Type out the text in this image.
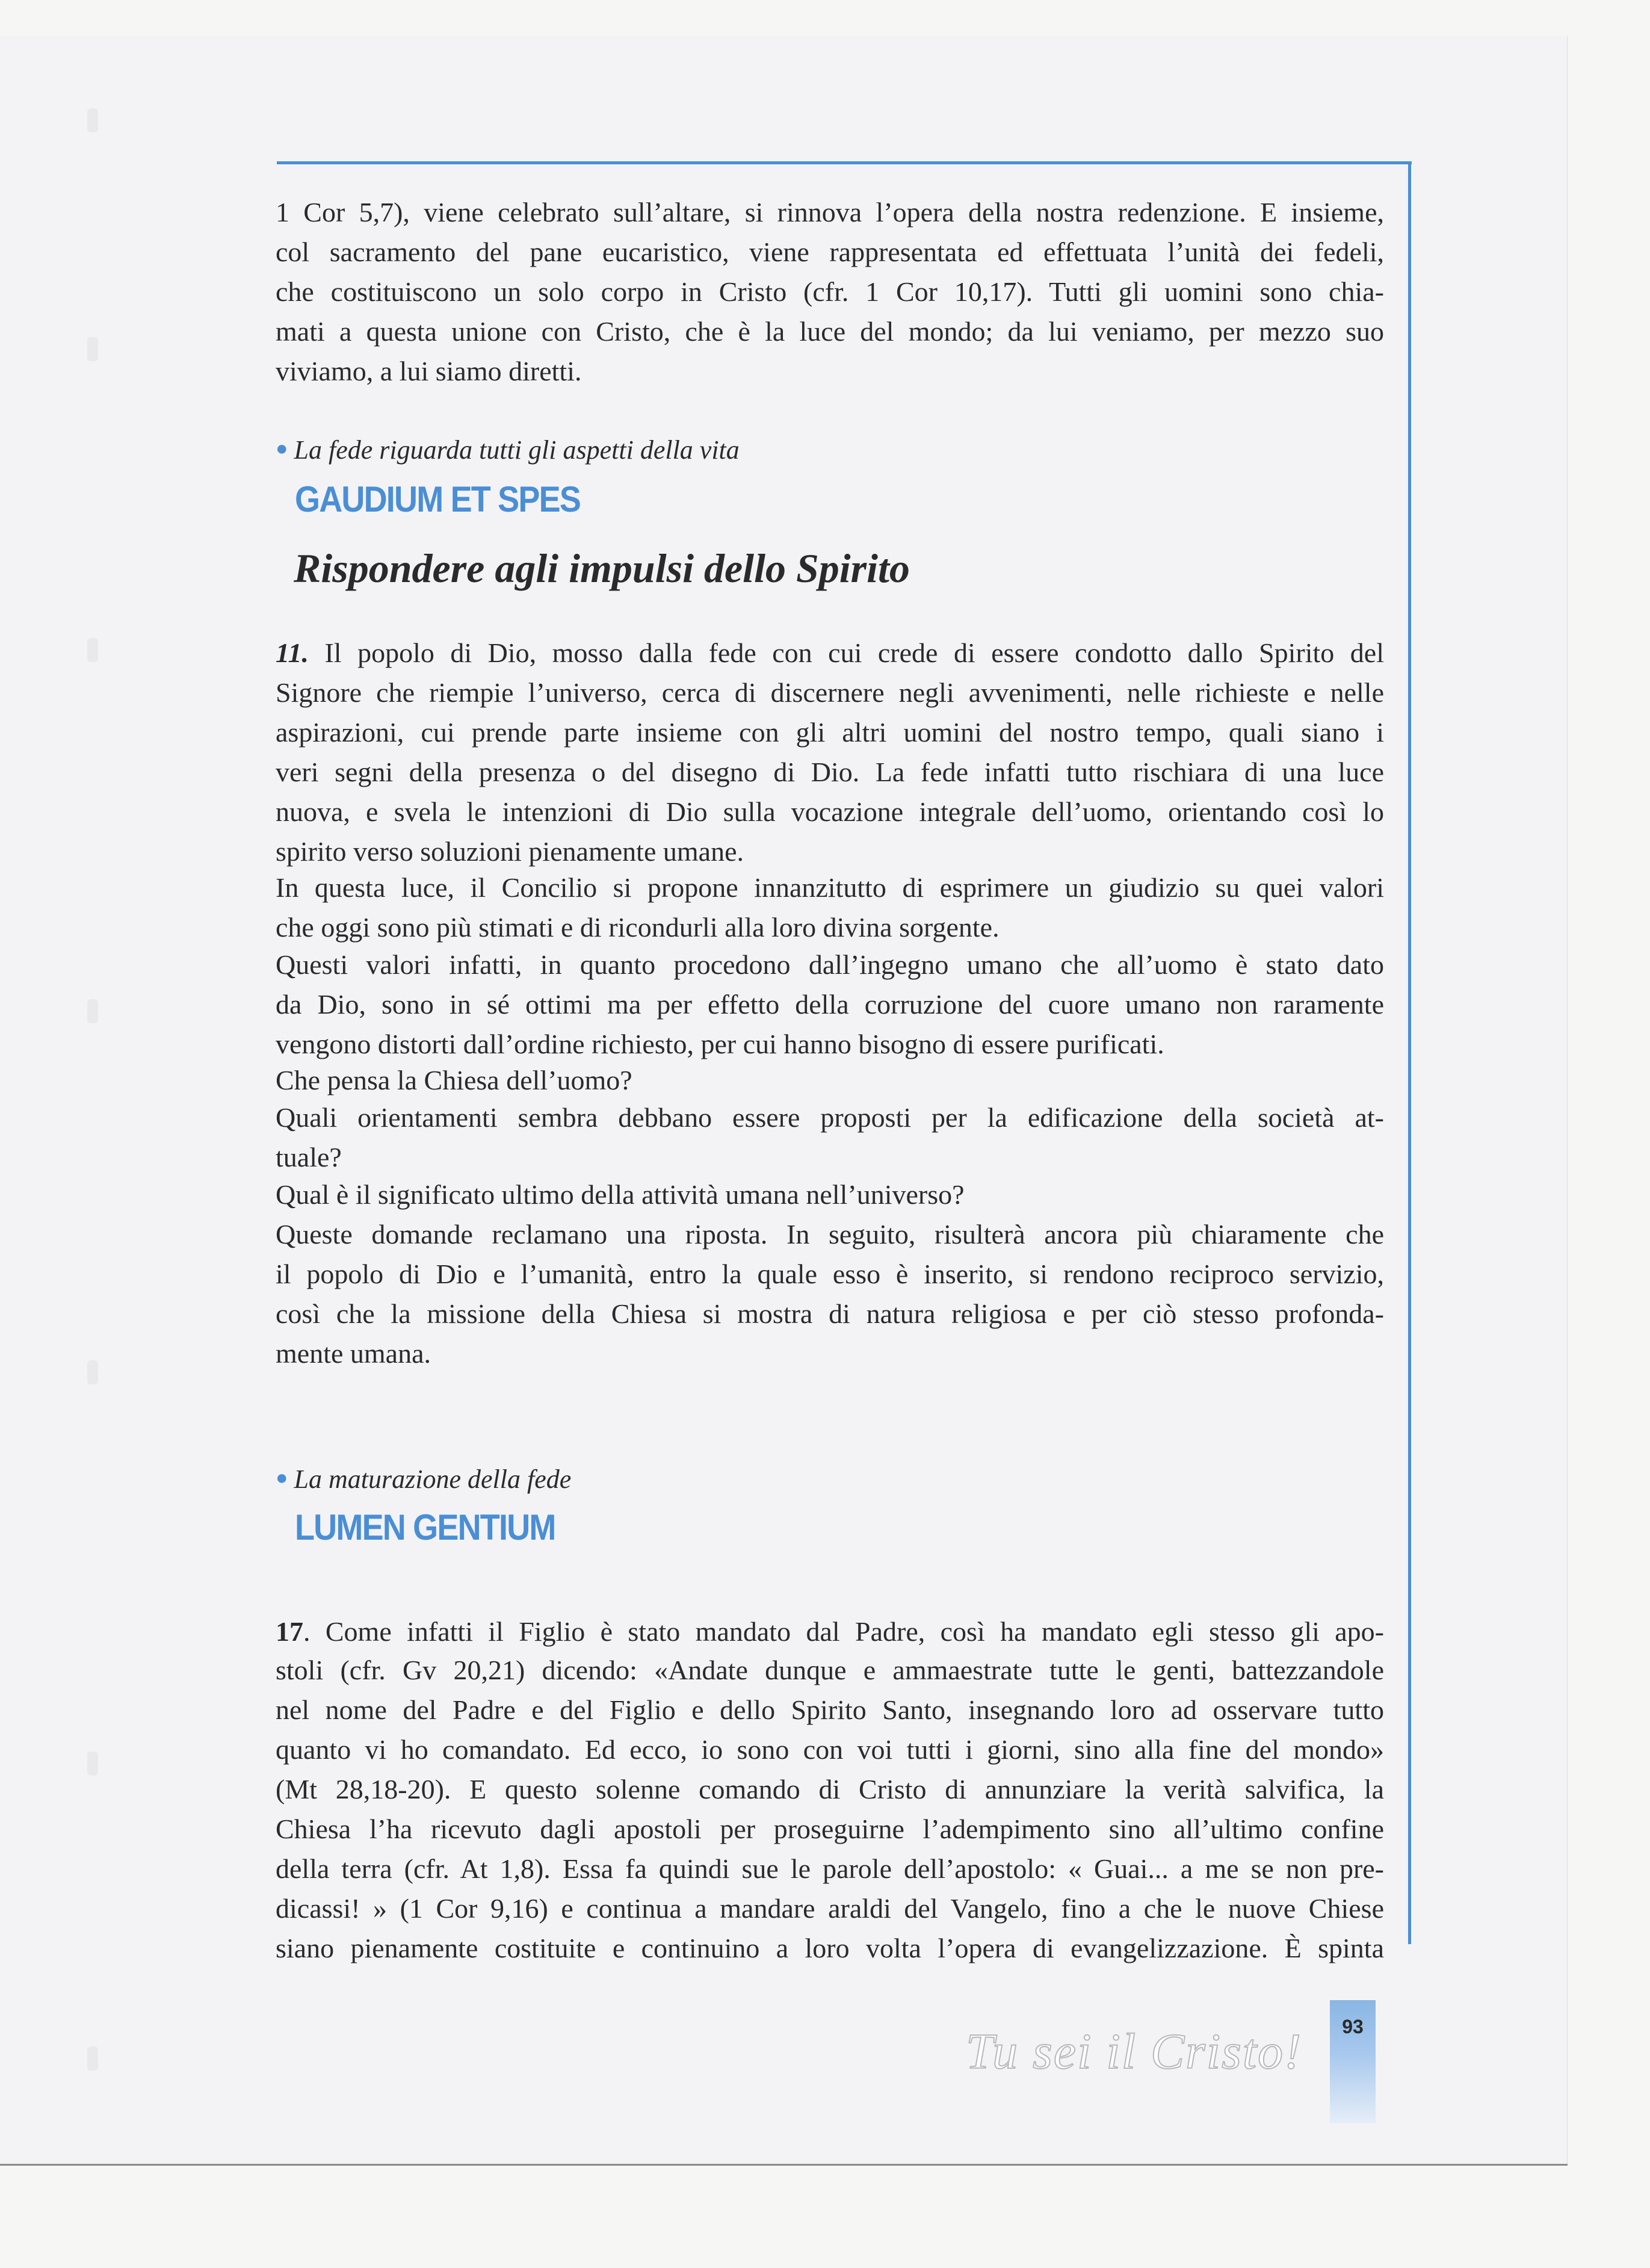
1 Cor 5,7), viene celebrato sull’altare, si rinnova l’opera della nostra redenzione. E insieme,
col sacramento del pane eucaristico, viene rappresentata ed effettuata l’unità dei fedeli,
che costituiscono un solo corpo in Cristo (cfr. 1 Cor 10,17). Tutti gli uomini sono chia-
mati a questa unione con Cristo, che è la luce del mondo; da lui veniamo, per mezzo suo
viviamo, a lui siamo diretti.
● La fede riguarda tutti gli aspetti della vita
GAUDIUM ET SPES
Rispondere agli impulsi dello Spirito
11. Il popolo di Dio, mosso dalla fede con cui crede di essere condotto dallo Spirito del
Signore che riempie l’universo, cerca di discernere negli avvenimenti, nelle richieste e nelle
aspirazioni, cui prende parte insieme con gli altri uomini del nostro tempo, quali siano i
veri segni della presenza o del disegno di Dio. La fede infatti tutto rischiara di una luce
nuova, e svela le intenzioni di Dio sulla vocazione integrale dell’uomo, orientando così lo
spirito verso soluzioni pienamente umane.
In questa luce, il Concilio si propone innanzitutto di esprimere un giudizio su quei valori
che oggi sono più stimati e di ricondurli alla loro divina sorgente.
Questi valori infatti, in quanto procedono dall’ingegno umano che all’uomo è stato dato
da Dio, sono in sé ottimi ma per effetto della corruzione del cuore umano non raramente
vengono distorti dall’ordine richiesto, per cui hanno bisogno di essere purificati.
Che pensa la Chiesa dell’uomo?
Quali orientamenti sembra debbano essere proposti per la edificazione della società at-
tuale?
Qual è il significato ultimo della attività umana nell’universo?
Queste domande reclamano una riposta. In seguito, risulterà ancora più chiaramente che
il popolo di Dio e l’umanità, entro la quale esso è inserito, si rendono reciproco servizio,
così che la missione della Chiesa si mostra di natura religiosa e per ciò stesso profonda-
mente umana.
● La maturazione della fede
LUMEN GENTIUM
17. Come infatti il Figlio è stato mandato dal Padre, così ha mandato egli stesso gli apo-
stoli (cfr. Gv 20,21) dicendo: «Andate dunque e ammaestrate tutte le genti, battezzandole
nel nome del Padre e del Figlio e dello Spirito Santo, insegnando loro ad osservare tutto
quanto vi ho comandato. Ed ecco, io sono con voi tutti i giorni, sino alla fine del mondo»
(Mt 28,18-20). E questo solenne comando di Cristo di annunziare la verità salvifica, la
Chiesa l’ha ricevuto dagli apostoli per proseguirne l’adempimento sino all’ultimo confine
della terra (cfr. At 1,8). Essa fa quindi sue le parole dell’apostolo: « Guai... a me se non pre-
dicassi! » (1 Cor 9,16) e continua a mandare araldi del Vangelo, fino a che le nuove Chiese
siano pienamente costituite e continuino a loro volta l’opera di evangelizzazione. È spinta
Tu sei il Cristo!	93
